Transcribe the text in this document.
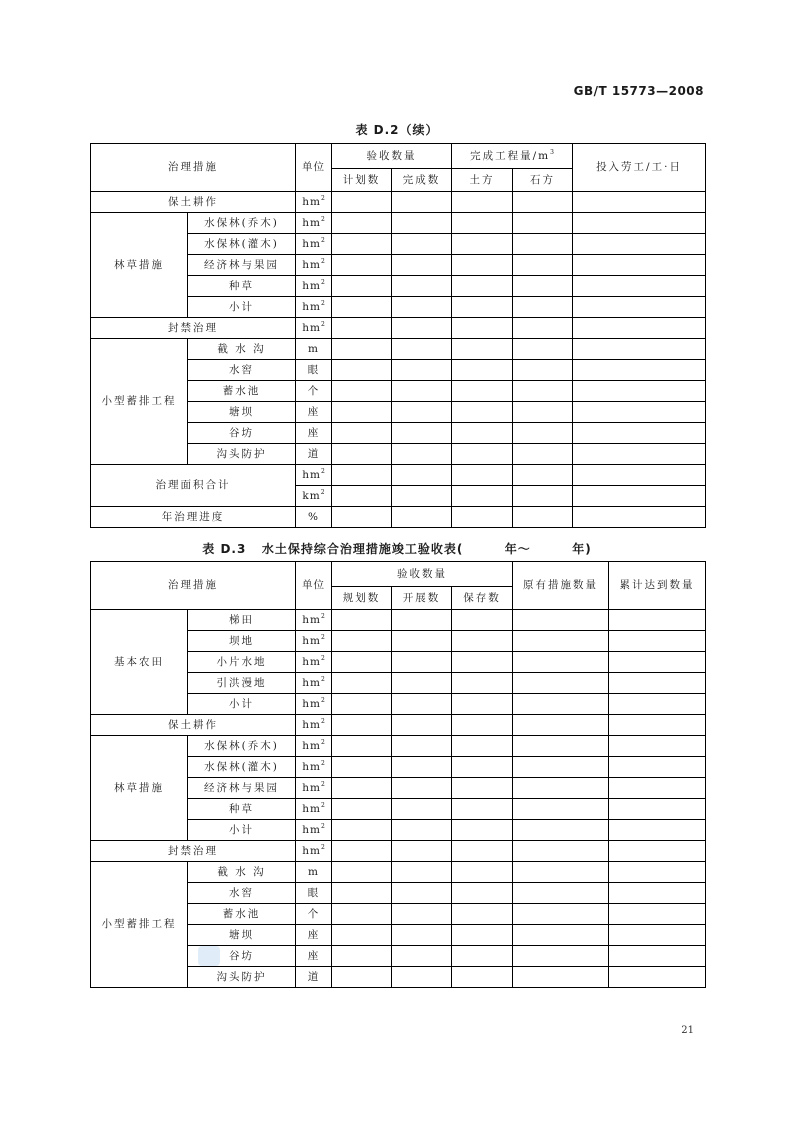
GB/T 15773—2008
表 D.2（续）
治理措施		单位	验收数量		完成工程量$/m^3$		投入劳工/工·日
			计划数	完成数	土方	石方	
保土耕作		$hm^2$					
林草措施	水保林(乔木)	$hm^2$					
	水保林(灌木)	$hm^2$					
	经济林与果园	$hm^2$					
	种草	$hm^2$					
	小计	$hm^2$					
封禁治理		$hm^2$					
小型蓄排工程	截 水 沟	m					
	水窖	眼					
	蓄水池	个					
	塘坝	座					
	谷坊	座					
	沟头防护	道					
治理面积合计		$hm^2$					
		$km^2$					
年治理进度		%					
表 D.3   水土保持综合治理措施竣工验收表(        年～        年)
治理措施		单位	验收数量			原有措施数量	累计达到数量
			规划数	开展数	保存数		
基本农田	梯田	$hm^2$					
	坝地	$hm^2$					
	小片水地	$hm^2$					
	引洪漫地	$hm^2$					
	小计	$hm^2$					
保土耕作		$hm^2$					
林草措施	水保林(乔木)	$hm^2$					
	水保林(灌木)	$hm^2$					
	经济林与果园	$hm^2$					
	种草	$hm^2$					
	小计	$hm^2$					
封禁治理		$hm^2$					
小型蓄排工程	截 水 沟	m					
	水窖	眼					
	蓄水池	个					
	塘坝	座					
	谷坊	座					
	沟头防护	道					
21
